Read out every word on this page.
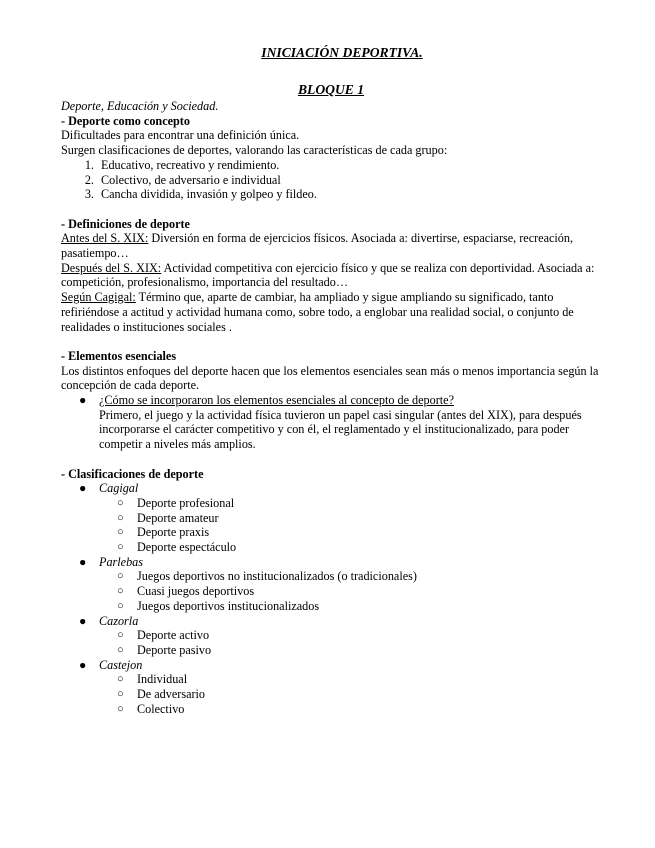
INICIACIÓN DEPORTIVA.
BLOQUE 1
Deporte, Educación y Sociedad.
- Deporte como concepto
Dificultades para encontrar una definición única.
Surgen clasificaciones de deportes, valorando las características de cada grupo:
1. Educativo, recreativo y rendimiento.
2. Colectivo, de adversario e individual
3. Cancha dividida, invasión y golpeo y fildeo.
- Definiciones de deporte
Antes del S. XIX: Diversión en forma de ejercicios físicos. Asociada a: divertirse, espaciarse, recreación, pasatiempo…
Después del S. XIX: Actividad competitiva con ejercicio físico y que se realiza con deportividad. Asociada a: competición, profesionalismo, importancia del resultado…
Según Cagigal: Término que, aparte de cambiar, ha ampliado y sigue ampliando su significado, tanto refiriéndose a actitud y actividad humana como, sobre todo, a englobar una realidad social, o conjunto de realidades o instituciones sociales .
- Elementos esenciales
Los distintos enfoques del deporte hacen que los elementos esenciales sean más o menos importancia según la concepción de cada deporte.
● ¿Cómo se incorporaron los elementos esenciales al concepto de deporte?
Primero, el juego y la actividad física tuvieron un papel casi singular (antes del XIX), para después incorporarse el carácter competitivo y con él, el reglamentado y el institucionalizado, para poder competir a niveles más amplios.
- Clasificaciones de deporte
● Cagigal
○ Deporte profesional
○ Deporte amateur
○ Deporte praxis
○ Deporte espectáculo
● Parlebas
○ Juegos deportivos no institucionalizados (o tradicionales)
○ Cuasi juegos deportivos
○ Juegos deportivos institucionalizados
● Cazorla
○ Deporte activo
○ Deporte pasivo
● Castejon
○ Individual
○ De adversario
○ Colectivo
